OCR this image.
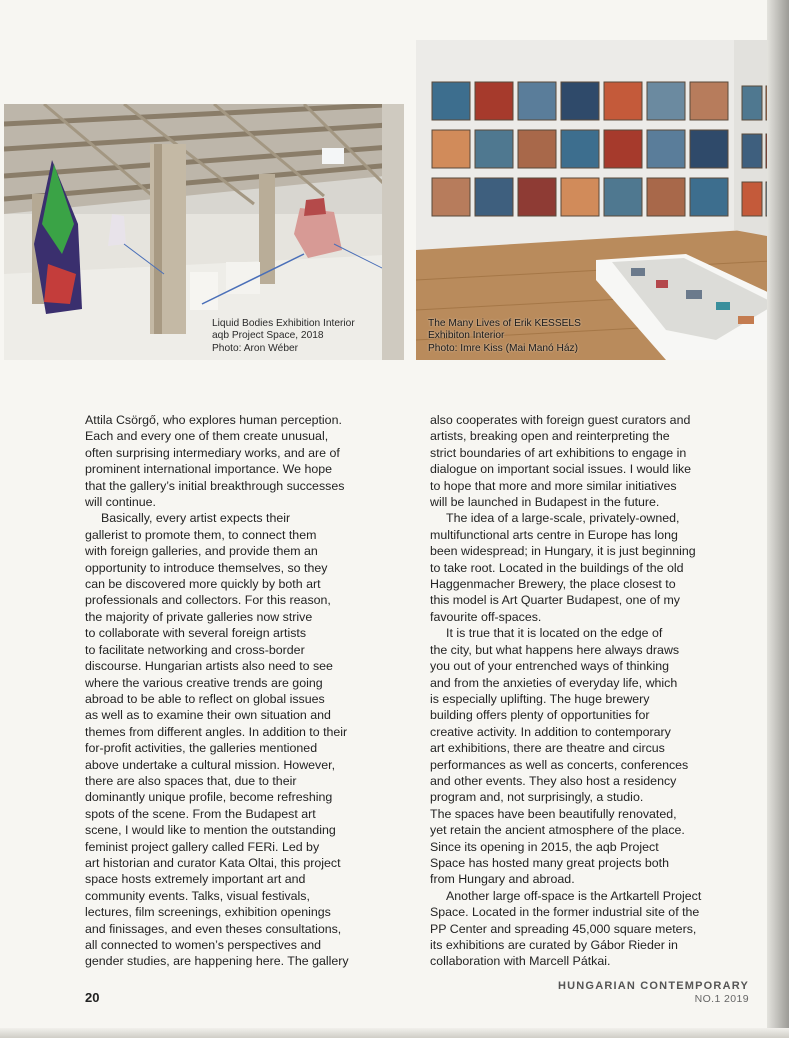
Liquid Bodies Exhibition Interior
aqb Project Space, 2018
Photo: Aron Wéber
The Many Lives of Erik KESSELS
Exhibiton Interior
Photo: Imre Kiss (Mai Manó Ház)

Attila Csörgő, who explores human perception.
Each and every one of them create unusual,
often surprising intermediary works, and are of
prominent international importance. We hope
that the gallery’s initial breakthrough successes
will continue.

Basically, every artist expects their
gallerist to promote them, to connect them
with foreign galleries, and provide them an
opportunity to introduce themselves, so they
can be discovered more quickly by both art
professionals and collectors. For this reason,
the majority of private galleries now strive
to collaborate with several foreign artists
to facilitate networking and cross-border
discourse. Hungarian artists also need to see
where the various creative trends are going
abroad to be able to reflect on global issues
as well as to examine their own situation and
themes from different angles. In addition to their
for-profit activities, the galleries mentioned
above undertake a cultural mission. However,
there are also spaces that, due to their
dominantly unique profile, become refreshing
spots of the scene. From the Budapest art
scene, I would like to mention the outstanding
feminist project gallery called FERi. Led by
art historian and curator Kata Oltai, this project
space hosts extremely important art and
community events. Talks, visual festivals,
lectures, film screenings, exhibition openings
and finissages, and even theses consultations,
all connected to women’s perspectives and
gender studies, are happening here. The gallery

also cooperates with foreign guest curators and
artists, breaking open and reinterpreting the
strict boundaries of art exhibitions to engage in
dialogue on important social issues. I would like
to hope that more and more similar initiatives
will be launched in Budapest in the future.

The idea of a large-scale, privately-owned,
multifunctional arts centre in Europe has long
been widespread; in Hungary, it is just beginning
to take root. Located in the buildings of the old
Haggenmacher Brewery, the place closest to
this model is Art Quarter Budapest, one of my
favourite off-spaces.

It is true that it is located on the edge of
the city, but what happens here always draws
you out of your entrenched ways of thinking
and from the anxieties of everyday life, which
is especially uplifting. The huge brewery
building offers plenty of opportunities for
creative activity. In addition to contemporary
art exhibitions, there are theatre and circus
performances as well as concerts, conferences
and other events. They also host a residency
program and, not surprisingly, a studio.
The spaces have been beautifully renovated,
yet retain the ancient atmosphere of the place.
Since its opening in 2015, the aqb Project
Space has hosted many great projects both
from Hungary and abroad.

Another large off-space is the Artkartell Project
Space. Located in the former industrial site of the
PP Center and spreading 45,000 square meters,
its exhibitions are curated by Gábor Rieder in
collaboration with Marcell Pátkai.

20
HUNGARIAN CONTEMPORARY
NO.1 2019
